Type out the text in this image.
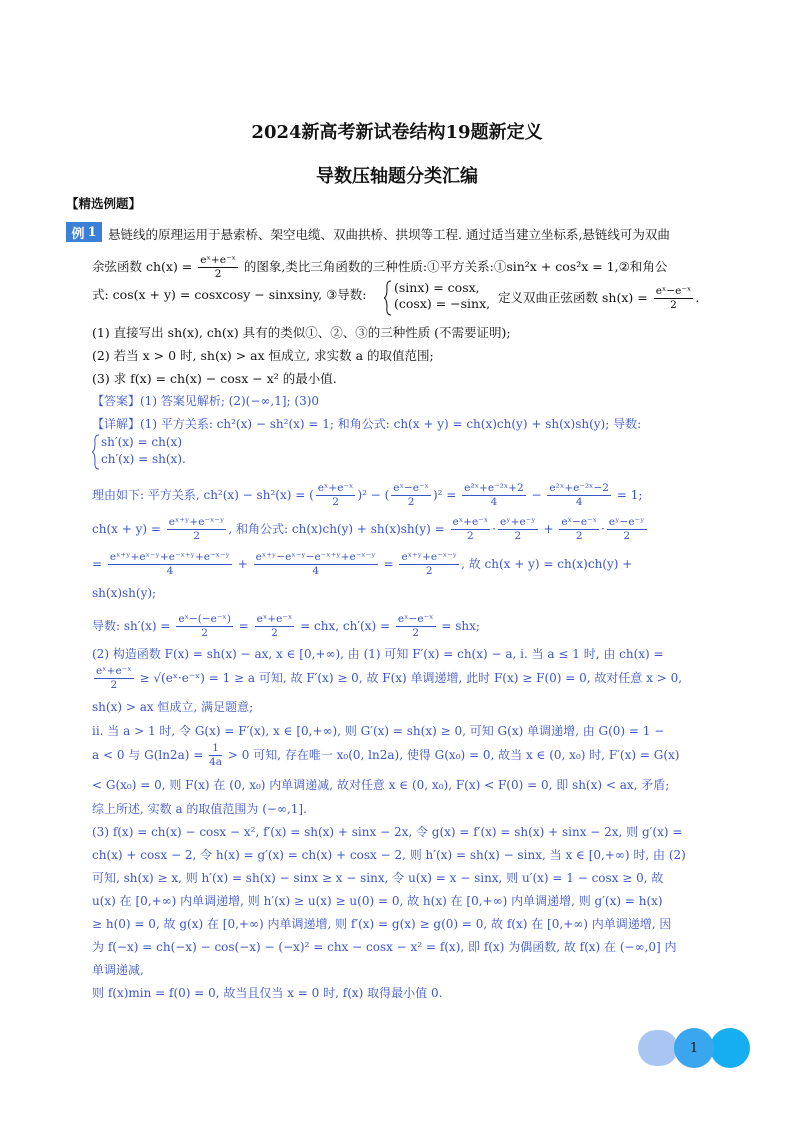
2024新高考新试卷结构19题新定义
导数压轴题分类汇编
【精选例题】
例 1 悬链线的原理运用于悬索桥、架空电缆、双曲拱桥、拱坝等工程. 通过适当建立坐标系,悬链线可为双曲
余弦函数 $ch(x) = \frac{\text{eˣ+e⁻ˣ}}{2}$ 的图象,类比三角函数的三种性质:①平方关系:①sin²x + cos²x = 1,②和角公
式: cos(x + y) = cosxcosy − sinxsiny, ③导数: (sinx) = cosx,
(cosx) = −sinx, 定义双曲正弦函数 $sh(x) = \frac{\text{eˣ−e⁻ˣ}}{2}$ .
(1) 直接写出 sh(x), ch(x) 具有的类似①、②、③的三种性质 (不需要证明);
(2) 若当 x > 0 时, sh(x) > ax 恒成立, 求实数 a 的取值范围;
(3) 求 f(x) = ch(x) − cosx − x² 的最小值.
【答案】(1) 答案见解析; (2)(−∞,1]; (3)0
【详解】(1) 平方关系: ch²(x) − sh²(x) = 1; 和角公式: ch(x + y) = ch(x)ch(y) + sh(x)sh(y); 导数:
sh′(x) = ch(x)
ch′(x) = sh(x).
理由如下: 平方关系, ch²(x) − sh²(x) = ( $\frac{\text{eˣ+e⁻ˣ}}{2} )^2$ − ( $\frac{\text{eˣ−e⁻ˣ}}{2} )^2 = \frac{\text{e²ˣ+e⁻²ˣ+2}}{4} - \frac{\text{e²ˣ+e⁻²ˣ−2}}{4} = 1$;
$ch(x + y) = \frac{\text{eˣ⁺ʸ+e⁻ˣ⁻ʸ}}{2}$ , 和角公式: $ch(x)ch(y) + sh(x)sh(y) = \frac{\text{eˣ+e⁻ˣ}}{2} \cdot \frac{\text{eʸ+e⁻ʸ}}{2} + \frac{\text{eˣ−e⁻ˣ}}{2} \cdot \frac{\text{eʸ−e⁻ʸ}}{2}$
= $\frac{\text{eˣ⁺ʸ+eˣ⁻ʸ+e⁻ˣ⁺ʸ+e⁻ˣ⁻ʸ}}{4} + \frac{\text{eˣ⁺ʸ−eˣ⁻ʸ−e⁻ˣ⁺ʸ+e⁻ˣ⁻ʸ}}{4} = \frac{\text{eˣ⁺ʸ+e⁻ˣ⁻ʸ}}{2}$ , 故 ch(x + y) = ch(x)ch(y) +
sh(x)sh(y);
导数: $sh'(x) = \frac{\text{eˣ−(−e⁻ˣ)}}{2} = \frac{\text{eˣ+e⁻ˣ}}{2}$ = chx, $ch'(x) = \frac{\text{eˣ−e⁻ˣ}}{2}$ = shx;
(2) 构造函数 F(x) = sh(x) − ax, x ∈ [0,+∞), 由 (1) 可知 F′(x) = ch(x) − a, i. 当 a ≤ 1 时, 由 ch(x) =
$\frac{\text{eˣ+e⁻ˣ}}{2}$ ≥ √(eˣ·e⁻ˣ) = 1 ≥ a 可知, 故 F′(x) ≥ 0, 故 F(x) 单调递增, 此时 F(x) ≥ F(0) = 0, 故对任意 x > 0,
sh(x) > ax 恒成立, 满足题意;
ii. 当 a > 1 时, 令 G(x) = F′(x), x ∈ [0,+∞), 则 G′(x) = sh(x) ≥ 0, 可知 G(x) 单调递增, 由 G(0) = 1 −
a < 0 与 $G(\ln 2a) = \frac{1}{4a} > 0$ 可知, 存在唯一 x₀(0, ln2a), 使得 G(x₀) = 0, 故当 x ∈ (0, x₀) 时, F′(x) = G(x)
< G(x₀) = 0, 则 F(x) 在 (0, x₀) 内单调递减, 故对任意 x ∈ (0, x₀), F(x) < F(0) = 0, 即 sh(x) < ax, 矛盾;
综上所述, 实数 a 的取值范围为 (−∞,1].
(3) f(x) = ch(x) − cosx − x², f′(x) = sh(x) + sinx − 2x, 令 g(x) = f′(x) = sh(x) + sinx − 2x, 则 g′(x) =
ch(x) + cosx − 2, 令 h(x) = g′(x) = ch(x) + cosx − 2, 则 h′(x) = sh(x) − sinx, 当 x ∈ [0,+∞) 时, 由 (2)
可知, sh(x) ≥ x, 则 h′(x) = sh(x) − sinx ≥ x − sinx, 令 u(x) = x − sinx, 则 u′(x) = 1 − cosx ≥ 0, 故
u(x) 在 [0,+∞) 内单调递增, 则 h′(x) ≥ u(x) ≥ u(0) = 0, 故 h(x) 在 [0,+∞) 内单调递增, 则 g′(x) = h(x)
≥ h(0) = 0, 故 g(x) 在 [0,+∞) 内单调递增, 则 f′(x) = g(x) ≥ g(0) = 0, 故 f(x) 在 [0,+∞) 内单调递增, 因
为 f(−x) = ch(−x) − cos(−x) − (−x)² = chx − cosx − x² = f(x), 即 f(x) 为偶函数, 故 f(x) 在 (−∞,0] 内
单调递减,
则 f(x)min = f(0) = 0, 故当且仅当 x = 0 时, f(x) 取得最小值 0.
1
